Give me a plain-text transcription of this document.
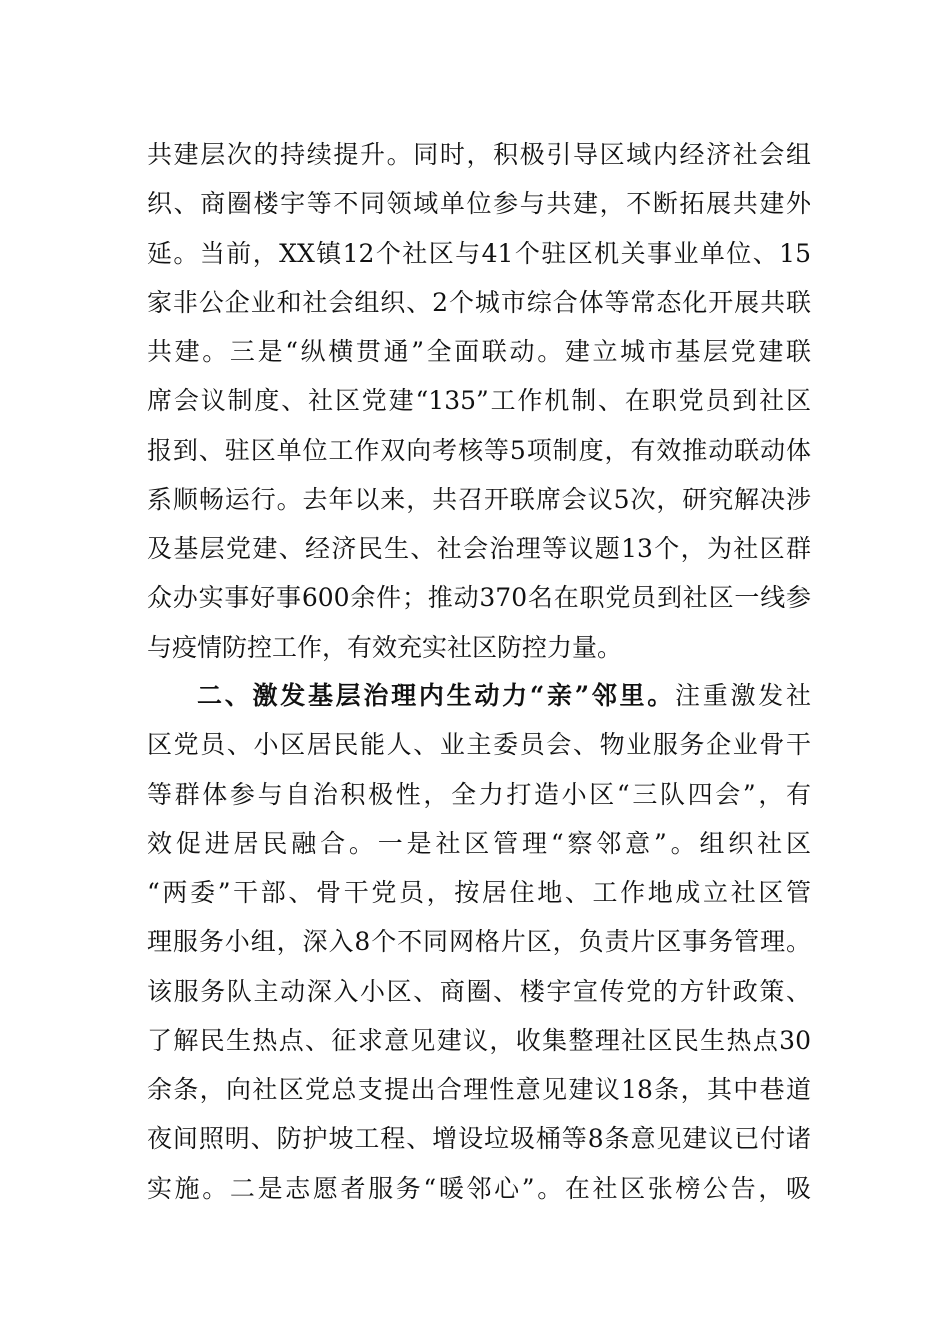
共建层次的持续提升。同时，积极引导区域内经济社会组
织、商圈楼宇等不同领域单位参与共建，不断拓展共建外
延。当前，XX镇12个社区与41个驻区机关事业单位、15
家非公企业和社会组织、2个城市综合体等常态化开展共联
共建。三是“纵横贯通”全面联动。建立城市基层党建联
席会议制度、社区党建“135”工作机制、在职党员到社区
报到、驻区单位工作双向考核等5项制度，有效推动联动体
系顺畅运行。去年以来，共召开联席会议5次，研究解决涉
及基层党建、经济民生、社会治理等议题13个，为社区群
众办实事好事600余件；推动370名在职党员到社区一线参
与疫情防控工作，有效充实社区防控力量。
二、激发基层治理内生动力“亲”邻里。注重激发社
区党员、小区居民能人、业主委员会、物业服务企业骨干
等群体参与自治积极性，全力打造小区“三队四会”，有
效促进居民融合。一是社区管理“察邻意”。组织社区
“两委”干部、骨干党员，按居住地、工作地成立社区管
理服务小组，深入8个不同网格片区，负责片区事务管理。
该服务队主动深入小区、商圈、楼宇宣传党的方针政策、
了解民生热点、征求意见建议，收集整理社区民生热点30
余条，向社区党总支提出合理性意见建议18条，其中巷道
夜间照明、防护坡工程、增设垃圾桶等8条意见建议已付诸
实施。二是志愿者服务“暖邻心”。在社区张榜公告，吸
